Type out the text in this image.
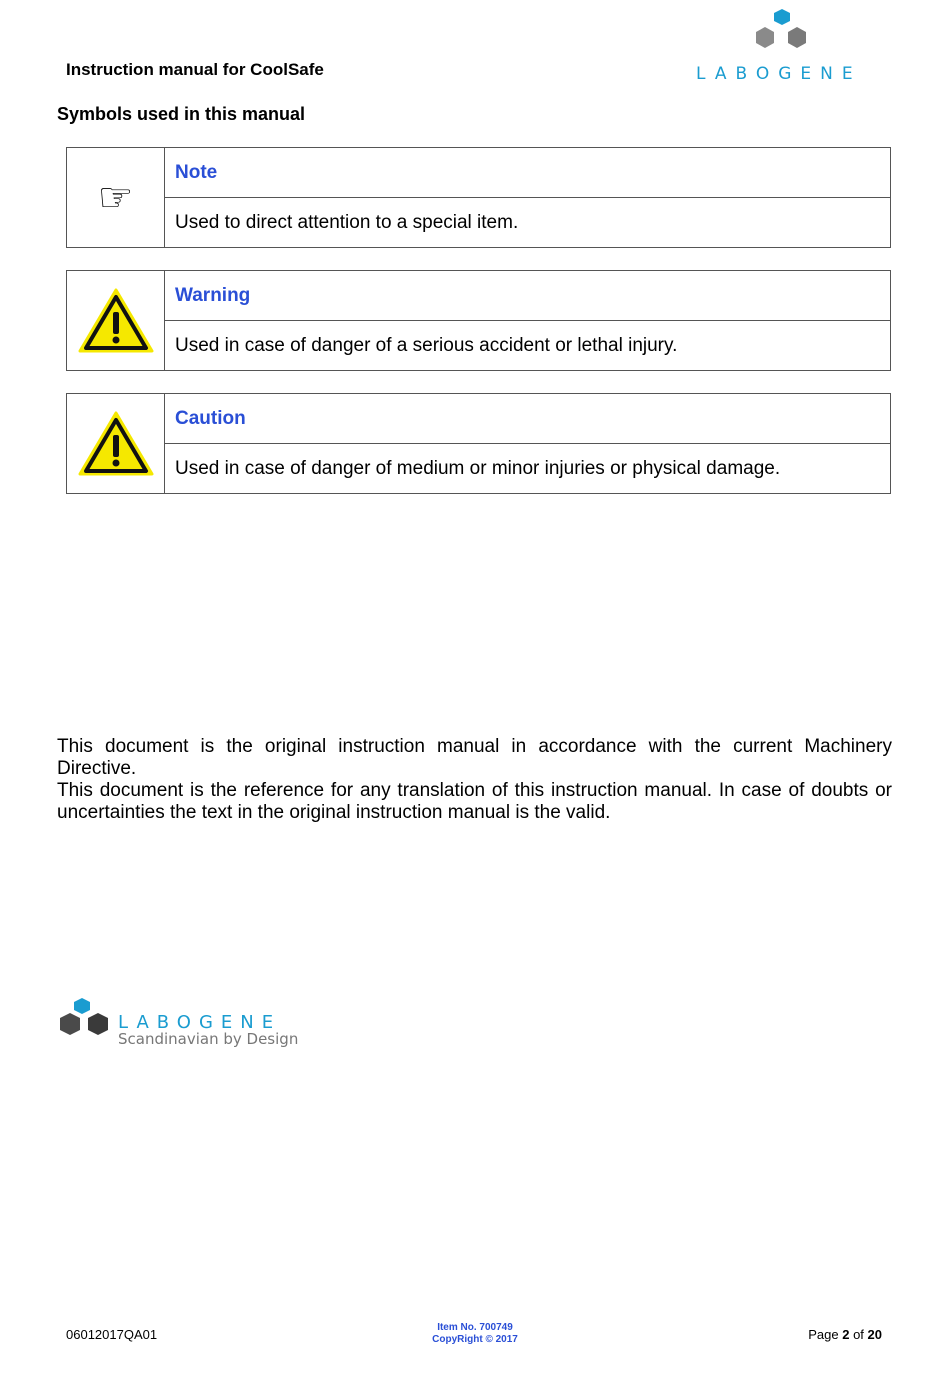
Instruction manual for CoolSafe	LABOGENE
Symbols used in this manual
☞
Note
Used to direct attention to a special item.
Warning
Used in case of danger of a serious accident or lethal injury.
Caution
Used in case of danger of medium or minor injuries or physical damage.
This document is the original instruction manual in accordance with the current Machinery Directive.
This document is the reference for any translation of this instruction manual. In case of doubts or
uncertainties the text in the original instruction manual is the valid.
LABOGENE
Scandinavian by Design
06012017QA01	Item No. 700749
CopyRight © 2017	Page 2 of 20
